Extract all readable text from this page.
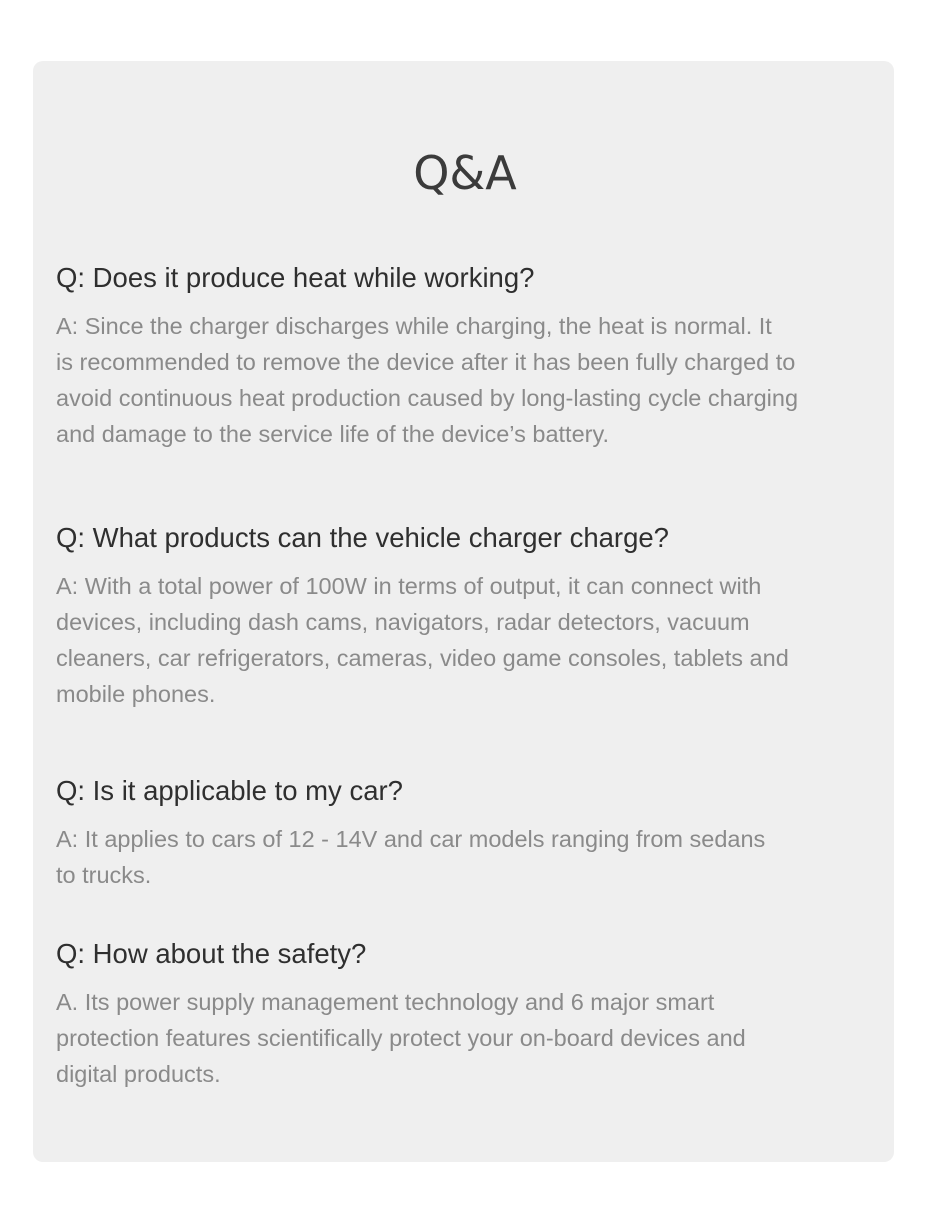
Q&A
Q: Does it produce heat while working?

A: Since the charger discharges while charging, the heat is normal. It
is recommended to remove the device after it has been fully charged to
avoid continuous heat production caused by long-lasting cycle charging
and damage to the service life of the device’s battery.

Q: What products can the vehicle charger charge?

A: With a total power of 100W in terms of output, it can connect with
devices, including dash cams, navigators, radar detectors, vacuum
cleaners, car refrigerators, cameras, video game consoles, tablets and
mobile phones.

Q: Is it applicable to my car?

A: It applies to cars of 12 - 14V and car models ranging from sedans
to trucks.

Q: How about the safety?

A. Its power supply management technology and 6 major smart
protection features scientifically protect your on-board devices and
digital products.
